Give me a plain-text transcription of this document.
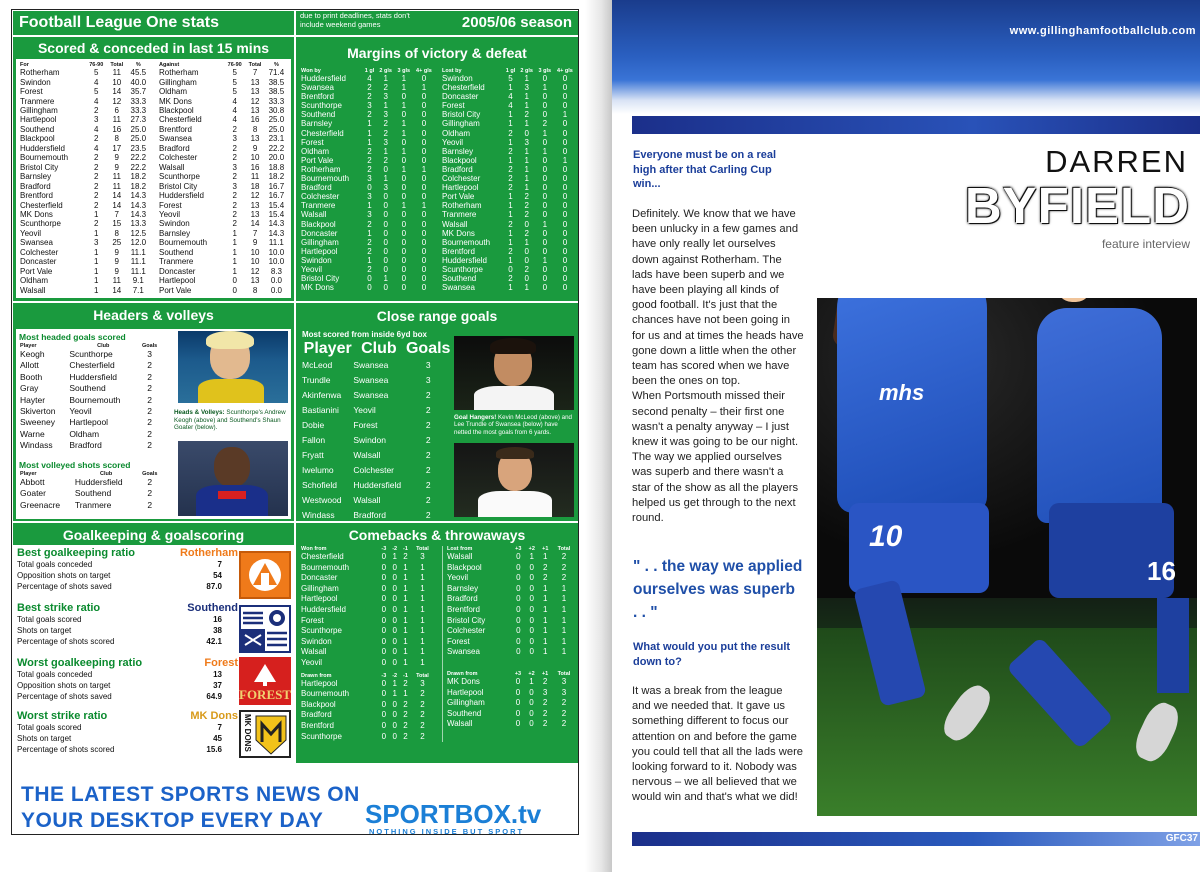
Football League One stats	due to print deadlines, stats don't include weekend games	2005/06 season
Scored & conceded in last 15 mins
For	76-90	Total	%
Rotherham	5	11	45.5
Swindon	4	10	40.0
Forest	5	14	35.7
Tranmere	4	12	33.3
Gillingham	2	6	33.3
Hartlepool	3	11	27.3
Southend	4	16	25.0
Blackpool	2	8	25.0
Huddersfield	4	17	23.5
Bournemouth	2	9	22.2
Bristol City	2	9	22.2
Barnsley	2	11	18.2
Bradford	2	11	18.2
Brentford	2	14	14.3
Chesterfield	2	14	14.3
MK Dons	1	7	14.3
Scunthorpe	2	15	13.3
Yeovil	1	8	12.5
Swansea	3	25	12.0
Colchester	1	9	11.1
Doncaster	1	9	11.1
Port Vale	1	9	11.1
Oldham	1	11	9.1
Walsall	1	14	7.1
Against	76-90	Total	%
Rotherham	5	7	71.4
Gillingham	5	13	38.5
Oldham	5	13	38.5
MK Dons	4	12	33.3
Blackpool	4	13	30.8
Chesterfield	4	16	25.0
Brentford	2	8	25.0
Swansea	3	13	23.1
Bradford	2	9	22.2
Colchester	2	10	20.0
Walsall	3	16	18.8
Scunthorpe	2	11	18.2
Bristol City	3	18	16.7
Huddersfield	2	12	16.7
Forest	2	13	15.4
Yeovil	2	13	15.4
Swindon	2	14	14.3
Barnsley	1	7	14.3
Bournemouth	1	9	11.1
Southend	1	10	10.0
Tranmere	1	10	10.0
Doncaster	1	12	8.3
Hartlepool	0	13	0.0
Port Vale	0	8	0.0
Margins of victory & defeat
Won by	1 gl	2 gls	3 gls	4+ gls
Huddersfield	4	1	1	0
Swansea	2	2	1	1
Brentford	2	3	0	0
Scunthorpe	3	1	1	0
Southend	2	3	0	0
Barnsley	1	2	1	0
Chesterfield	1	2	1	0
Forest	1	3	0	0
Oldham	2	1	1	0
Port Vale	2	2	0	0
Rotherham	2	0	1	1
Bournemouth	3	1	0	0
Bradford	0	3	0	0
Colchester	3	0	0	0
Tranmere	1	0	1	1
Walsall	3	0	0	0
Blackpool	2	0	0	0
Doncaster	1	0	0	0
Gillingham	2	0	0	0
Hartlepool	2	0	0	0
Swindon	1	0	0	0
Yeovil	2	0	0	0
Bristol City	0	1	0	0
MK Dons	0	0	0	0
Lost by	1 gl	2 gls	3 gls	4+ gls
Swindon	5	1	0	0
Chesterfield	1	3	1	0
Doncaster	4	1	0	0
Forest	4	1	0	0
Bristol City	1	2	0	1
Gillingham	1	1	2	0
Oldham	2	0	1	0
Yeovil	1	3	0	0
Barnsley	2	1	1	0
Blackpool	1	1	0	1
Bradford	2	1	0	0
Colchester	2	1	0	0
Hartlepool	2	1	0	0
Port Vale	1	2	0	0
Rotherham	1	2	0	0
Tranmere	1	2	0	0
Walsall	2	0	1	0
MK Dons	1	2	0	0
Bournemouth	1	1	0	0
Brentford	2	0	0	0
Huddersfield	1	0	1	0
Scunthorpe	0	2	0	0
Southend	2	0	0	0
Swansea	1	1	0	0
Headers & volleys
Most headed goals scored
Player	Club	Goals
Keogh	Scunthorpe	3
Allott	Chesterfield	2
Booth	Huddersfield	2
Gray	Southend	2
Hayter	Bournemouth	2
Skiverton	Yeovil	2
Sweeney	Hartlepool	2
Warne	Oldham	2
Windass	Bradford	2
Most volleyed shots scored
Player	Club	Goals
Abbott	Huddersfield	2
Goater	Southend	2
Greenacre	Tranmere	2
Heads & Volleys: Scunthorpe's Andrew Keogh (above) and Southend's Shaun Goater (below).
Close range goals
Most scored from inside 6yd box
Player	Club	Goals
McLeod	Swansea	3
Trundle	Swansea	3
Akinfenwa	Swansea	2
Bastianini	Yeovil	2
Dobie	Forest	2
Fallon	Swindon	2
Fryatt	Walsall	2
Iwelumo	Colchester	2
Schofield	Huddersfield	2
Westwood	Walsall	2
Windass	Bradford	2
Goal Hangers! Kevin McLeod (above) and Lee Trundle of Swansea (below) have netted the most goals from 6 yards.
Goalkeeping & goalscoring
Best goalkeeping ratio	Rotherham
Total goals conceded	7
Opposition shots on target	54
Percentage of shots saved	87.0
Best strike ratio	Southend
Total goals scored	16
Shots on target	38
Percentage of shots scored	42.1
Worst goalkeeping ratio	Forest
Total goals conceded	13
Opposition shots on target	37
Percentage of shots saved	64.9
Worst strike ratio	MK Dons
Total goals scored	7
Shots on target	45
Percentage of shots scored	15.6
FOREST
MK DONS
Comebacks & throwaways
Won from	-3	-2	-1	Total
Chesterfield	0	1	2	3
Bournemouth	0	0	1	1
Doncaster	0	0	1	1
Gillingham	0	0	1	1
Hartlepool	0	0	1	1
Huddersfield	0	0	1	1
Forest	0	0	1	1
Scunthorpe	0	0	1	1
Swindon	0	0	1	1
Walsall	0	0	1	1
Yeovil	0	0	1	1
Drawn from	-3	-2	-1	Total
Hartlepool	0	1	2	3
Bournemouth	0	1	1	2
Blackpool	0	0	2	2
Bradford	0	0	2	2
Brentford	0	0	2	2
Scunthorpe	0	0	2	2
Lost from	+3	+2	+1	Total
Walsall	0	1	1	2
Blackpool	0	0	2	2
Yeovil	0	0	2	2
Barnsley	0	0	1	1
Bradford	0	0	1	1
Brentford	0	0	1	1
Bristol City	0	0	1	1
Colchester	0	0	1	1
Forest	0	0	1	1
Swansea	0	0	1	1
Drawn from	+3	+2	+1	Total
MK Dons	0	1	2	3
Hartlepool	0	0	3	3
Gillingham	0	0	2	2
Southend	0	0	2	2
Walsall	0	0	2	2
THE LATEST SPORTS NEWS ON
YOUR DESKTOP EVERY DAY SPORTBOX.tv
NOTHING INSIDE BUT SPORT
www.gillinghamfootballclub.com
GFC37
Everyone must be on a real high after that Carling Cup win...

Definitely. We know that we have been unlucky in a few games and have only really let ourselves down against Rotherham. The lads have been superb and we have been playing all kinds of good football. It's just that the chances have not been going in for us and at times the heads have gone down a little when the other team has scored when we have been the ones on top.

When Portsmouth missed their second penalty – their first one wasn't a penalty anyway – I just knew it was going to be our night. The way we applied ourselves was superb and there wasn't a star of the show as all the players helped us get through to the next round.

" . . the way we applied ourselves was superb . . "
What would you put the result down to?
It was a break from the league and we needed that. It gave us something different to focus our attention on and before the game you could tell that all the lads were looking forward to it. Nobody was nervous – we all believed that we would win and that's what we did!
DARREN
BYFIELD
feature interview
16
mhs
10
